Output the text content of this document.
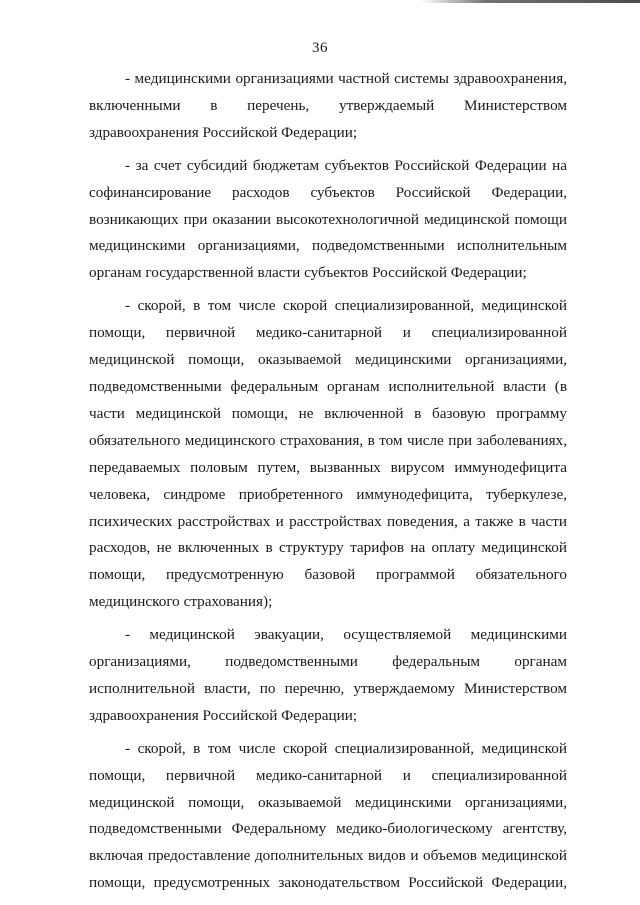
36

- медицинскими организациями частной системы здравоохранения, включенными в перечень, утверждаемый Министерством здравоохранения Российской Федерации;

- за счет субсидий бюджетам субъектов Российской Федерации на софинансирование расходов субъектов Российской Федерации, возникающих при оказании высокотехнологичной медицинской помощи медицинскими организациями, подведомственными исполнительным органам государственной власти субъектов Российской Федерации;

- скорой, в том числе скорой специализированной, медицинской помощи, первичной медико-санитарной и специализированной медицинской помощи, оказываемой медицинскими организациями, подведомственными федеральным органам исполнительной власти (в части медицинской помощи, не включенной в базовую программу обязательного медицинского страхования, в том числе при заболеваниях, передаваемых половым путем, вызванных вирусом иммунодефицита человека, синдроме приобретенного иммунодефицита, туберкулезе, психических расстройствах и расстройствах поведения, а также в части расходов, не включенных в структуру тарифов на оплату медицинской помощи, предусмотренную базовой программой обязательного медицинского страхования);

- медицинской эвакуации, осуществляемой медицинскими организациями, подведомственными федеральным органам исполнительной власти, по перечню, утверждаемому Министерством здравоохранения Российской Федерации;

- скорой, в том числе скорой специализированной, медицинской помощи, первичной медико-санитарной и специализированной медицинской помощи, оказываемой медицинскими организациями, подведомственными Федеральному медико-биологическому агентству, включая предоставление дополнительных видов и объемов медицинской помощи, предусмотренных законодательством Российской Федерации,
